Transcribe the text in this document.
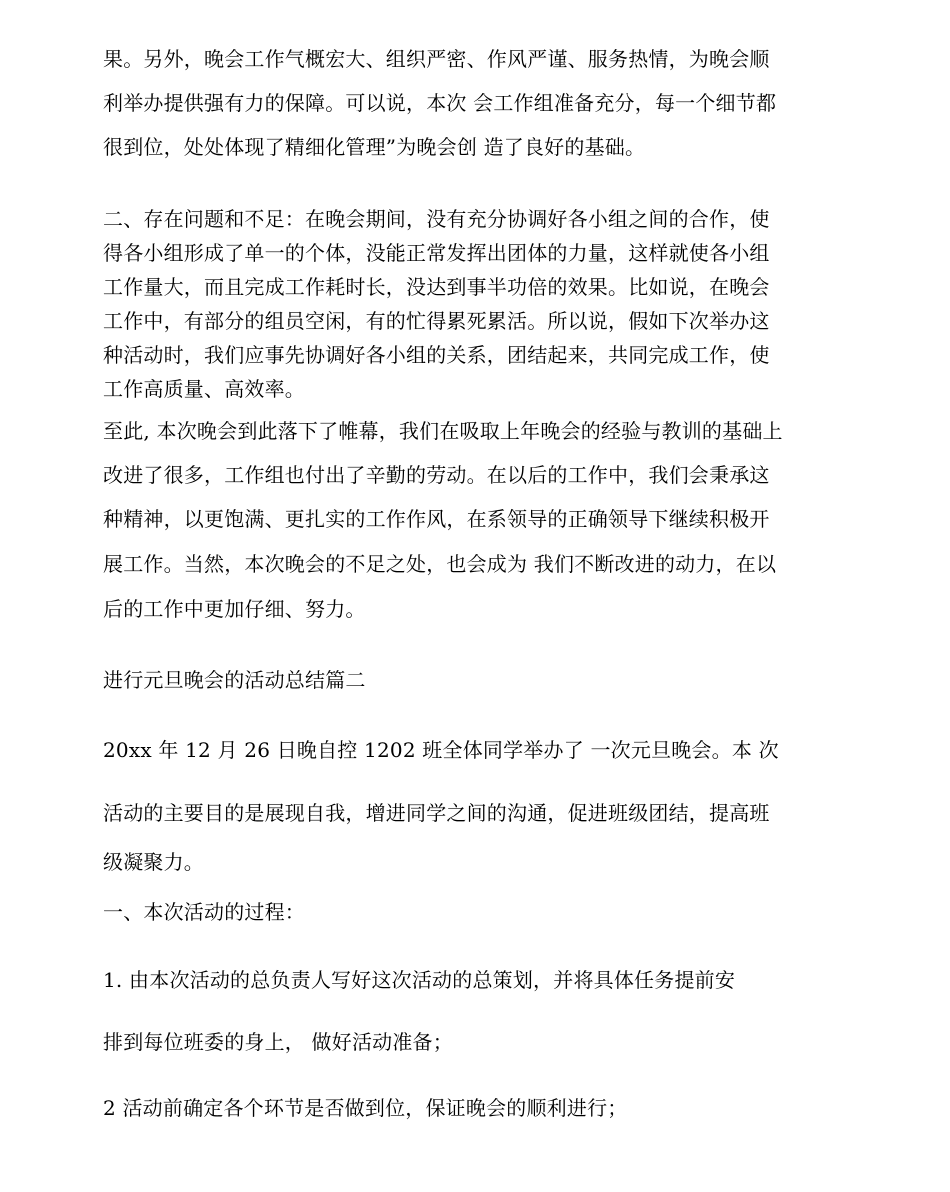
果。另外，晚会工作气概宏大、组织严密、作风严谨、服务热情，为晚会顺
利举办提供强有力的保障。可以说，本次 会工作组准备充分，每一个细节都
很到位，处处体现了精细化管理”为晚会创 造了良好的基础。
二、存在问题和不足：在晚会期间，没有充分协调好各小组之间的合作，使
得各小组形成了单一的个体，没能正常发挥出团体的力量，这样就使各小组
工作量大，而且完成工作耗时长，没达到事半功倍的效果。比如说，在晚会
工作中，有部分的组员空闲，有的忙得累死累活。所以说，假如下次举办这
种活动时，我们应事先协调好各小组的关系，团结起来，共同完成工作，使
工作高质量、高效率。
至此, 本次晚会到此落下了帷幕，我们在吸取上年晚会的经验与教训的基础上
改进了很多，工作组也付出了辛勤的劳动。在以后的工作中，我们会秉承这
种精神，以更饱满、更扎实的工作作风，在系领导的正确领导下继续积极开
展工作。当然，本次晚会的不足之处，也会成为 我们不断改进的动力，在以
后的工作中更加仔细、努力。
进行元旦晚会的活动总结篇二
20xx 年 12 月 26 日晚自控 1202 班全体同学举办了 一次元旦晚会。本 次
活动的主要目的是展现自我，增进同学之间的沟通，促进班级团结，提高班
级凝聚力。
一、本次活动的过程：
1. 由本次活动的总负责人写好这次活动的总策划，并将具体任务提前安
排到每位班委的身上， 做好活动准备；
2 活动前确定各个环节是否做到位，保证晚会的顺利进行；
